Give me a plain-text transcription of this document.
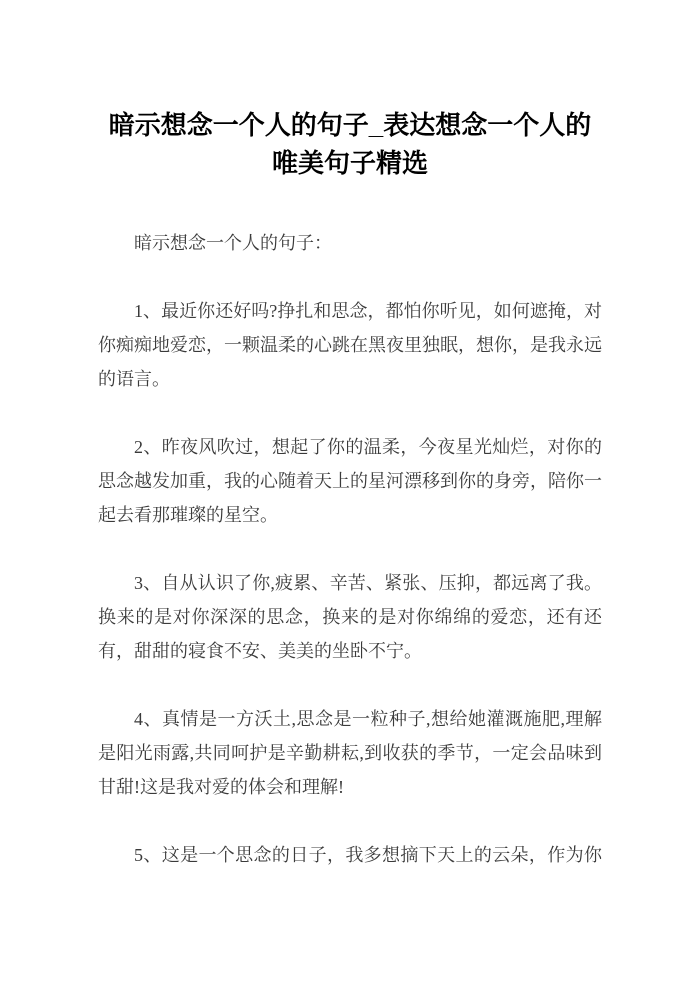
暗示想念一个人的句子_表达想念一个人的唯美句子精选

暗示想念一个人的句子：

1、最近你还好吗?挣扎和思念，都怕你听见，如何遮掩，对你痴痴地爱恋，一颗温柔的心跳在黑夜里独眠，想你，是我永远的语言。

2、昨夜风吹过，想起了你的温柔，今夜星光灿烂，对你的思念越发加重，我的心随着天上的星河漂移到你的身旁，陪你一起去看那璀璨的星空。

3、自从认识了你,疲累、辛苦、紧张、压抑，都远离了我。换来的是对你深深的思念，换来的是对你绵绵的爱恋，还有还有，甜甜的寝食不安、美美的坐卧不宁。

4、真情是一方沃土,思念是一粒种子,想给她灌溉施肥,理解是阳光雨露,共同呵护是辛勤耕耘,到收获的季节，一定会品味到甘甜!这是我对爱的体会和理解!

5、这是一个思念的日子，我多想摘下天上的云朵，作为你
